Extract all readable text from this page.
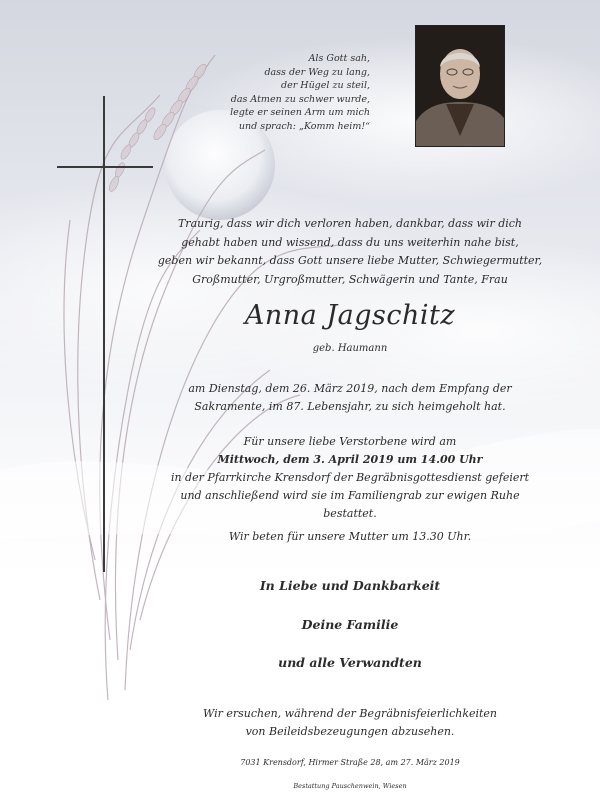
Als Gott sah,
dass der Weg zu lang,
der Hügel zu steil,
das Atmen zu schwer wurde,
legte er seinen Arm um mich
und sprach: „Komm heim!“
Traurig, dass wir dich verloren haben, dankbar, dass wir dich
gehabt haben und wissend, dass du uns weiterhin nahe bist,
geben wir bekannt, dass Gott unsere liebe Mutter, Schwiegermutter,
Großmutter, Urgroßmutter, Schwägerin und Tante, Frau
Anna Jagschitz
geb. Haumann
am Dienstag, dem 26. März 2019, nach dem Empfang der
Sakramente, im 87. Lebensjahr, zu sich heimgeholt hat.
Für unsere liebe Verstorbene wird am
Mittwoch, dem 3. April 2019 um 14.00 Uhr
in der Pfarrkirche Krensdorf der Begräbnisgottesdienst gefeiert
und anschließend wird sie im Familiengrab zur ewigen Ruhe
bestattet.
Wir beten für unsere Mutter um 13.30 Uhr.
In Liebe und Dankbarkeit
Deine Familie
und alle Verwandten
Wir ersuchen, während der Begräbnisfeierlichkeiten
von Beileidsbezeugungen abzusehen.
7031 Krensdorf, Hirmer Straße 28, am 27. März 2019
Bestattung Pauschenwein, Wiesen
